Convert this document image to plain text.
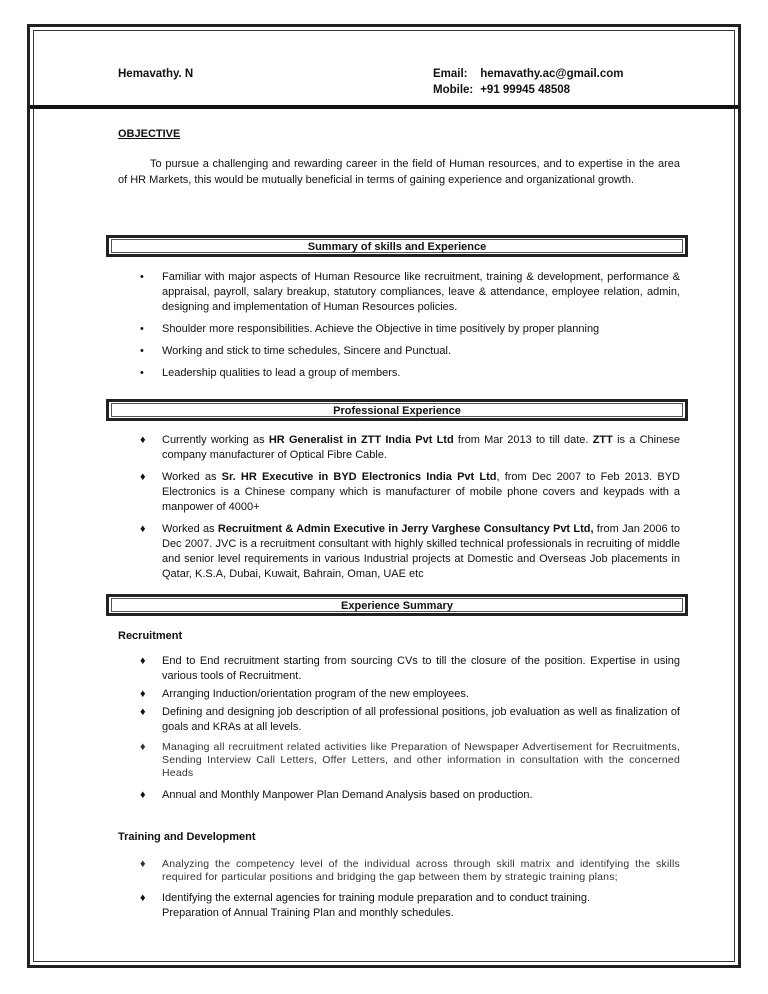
Hemavathy. N	Email: hemavathy.ac@gmail.com
Mobile: +91 99945 48508
OBJECTIVE

To pursue a challenging and rewarding career in the field of Human resources, and to expertise in the area of HR Markets, this would be mutually beneficial in terms of gaining experience and organizational growth.

Summary of skills and Experience
• Familiar with major aspects of Human Resource like recruitment, training & development, performance & appraisal, payroll, salary breakup, statutory compliances, leave & attendance, employee relation, admin, designing and implementation of Human Resources policies.
• Shoulder more responsibilities. Achieve the Objective in time positively by proper planning
• Working and stick to time schedules, Sincere and Punctual.
• Leadership qualities to lead a group of members.
Professional Experience
♦ Currently working as HR Generalist in ZTT India Pvt Ltd from Mar 2013 to till date. ZTT is a Chinese company manufacturer of Optical Fibre Cable.
♦ Worked as Sr. HR Executive in BYD Electronics India Pvt Ltd, from Dec 2007 to Feb 2013. BYD Electronics is a Chinese company which is manufacturer of mobile phone covers and keypads with a manpower of 4000+
♦ Worked as Recruitment & Admin Executive in Jerry Varghese Consultancy Pvt Ltd, from Jan 2006 to Dec 2007. JVC is a recruitment consultant with highly skilled technical professionals in recruiting of middle and senior level requirements in various Industrial projects at Domestic and Overseas Job placements in Qatar, K.S.A, Dubai, Kuwait, Bahrain, Oman, UAE etc
Experience Summary
Recruitment
♦ End to End recruitment starting from sourcing CVs to till the closure of the position. Expertise in using various tools of Recruitment.
♦ Arranging Induction/orientation program of the new employees.
♦ Defining and designing job description of all professional positions, job evaluation as well as finalization of goals and KRAs at all levels.
♦ Managing all recruitment related activities like Preparation of Newspaper Advertisement for Recruitments, Sending Interview Call Letters, Offer Letters, and other information in consultation with the concerned Heads
♦ Annual and Monthly Manpower Plan Demand Analysis based on production.
Training and Development
♦ Analyzing the competency level of the individual across through skill matrix and identifying the skills required for particular positions and bridging the gap between them by strategic training plans;
♦ Identifying the external agencies for training module preparation and to conduct training.
Preparation of Annual Training Plan and monthly schedules.
